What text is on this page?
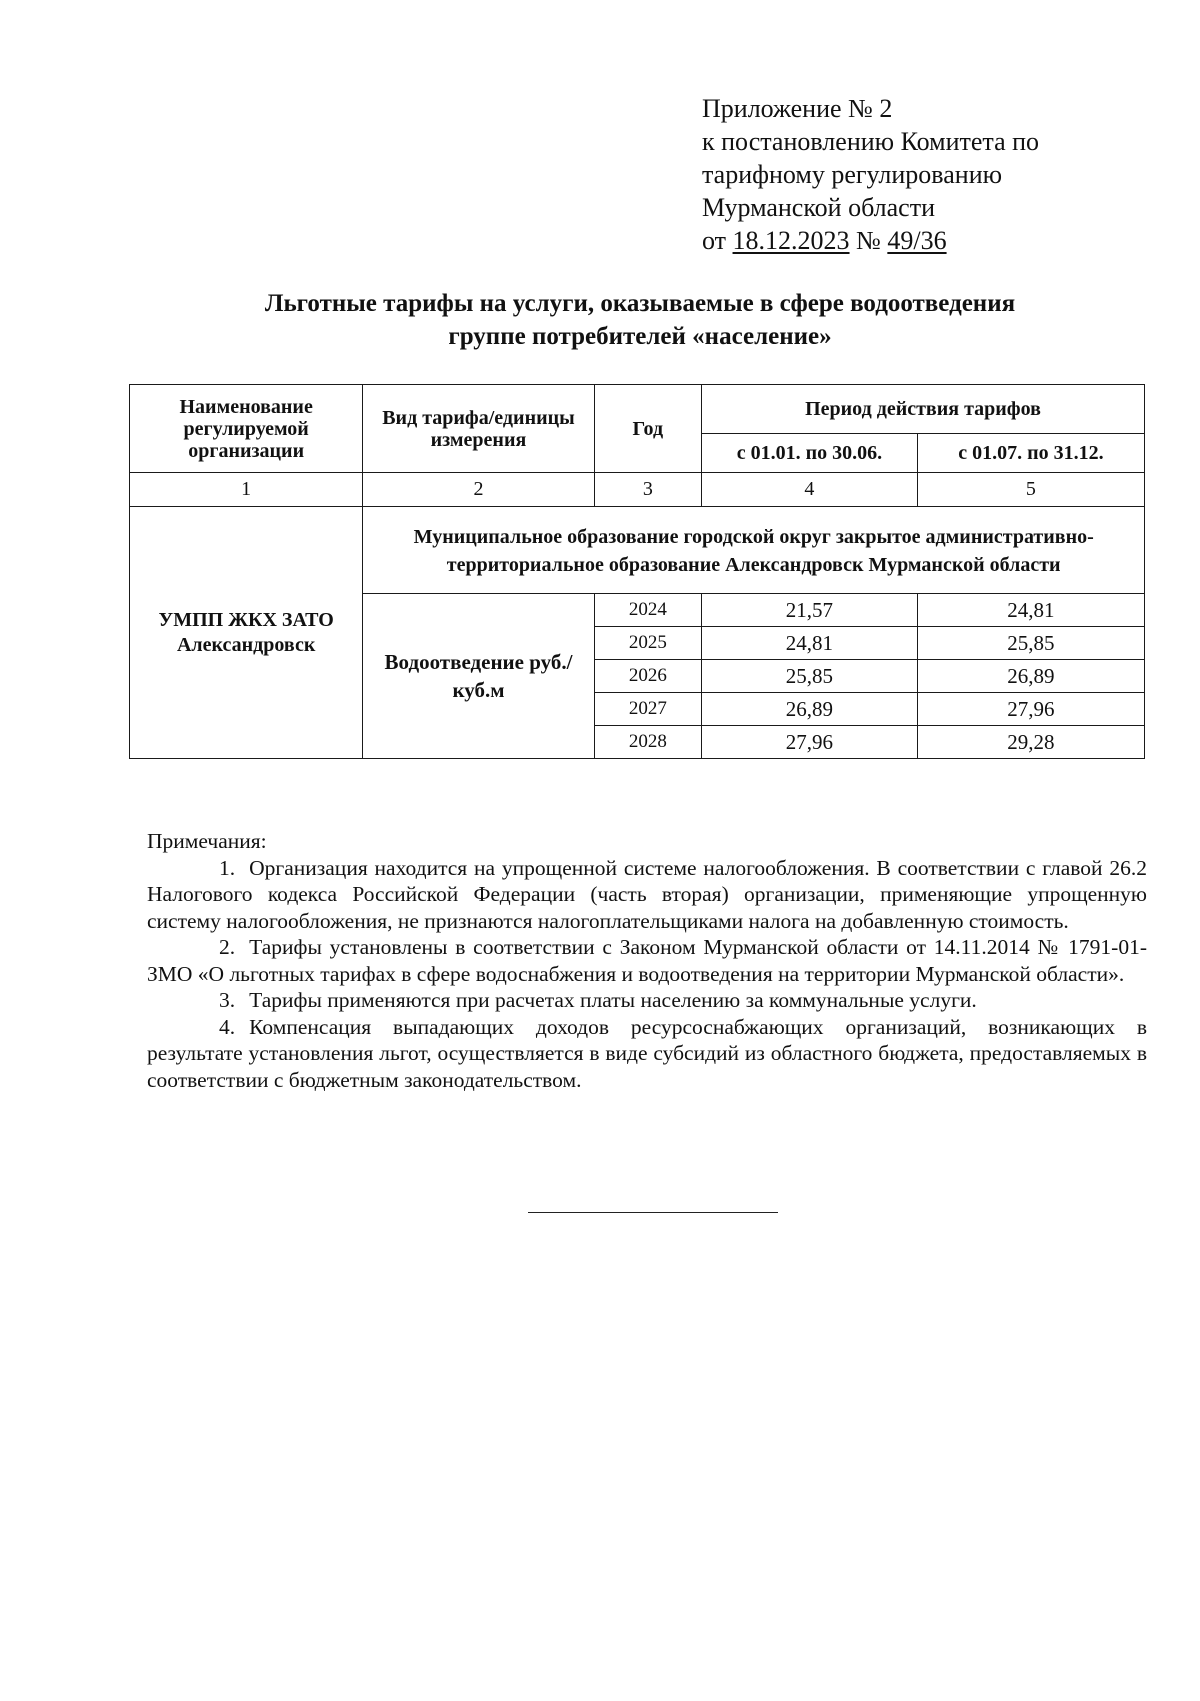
Приложение № 2
к постановлению Комитета по
тарифному регулированию
Мурманской области
от 18.12.2023 № 49/36
Льготные тарифы на услуги, оказываемые в сфере водоотведения
группе потребителей «население»
Наименование регулируемой организации	Вид тарифа/единицы измерения	Год	Период действия тарифов	
			с 01.01. по 30.06.	с 01.07. по 31.12.
1	2	3	4	5
УМПП ЖКХ ЗАТО Александровск	Муниципальное образование городской округ закрытое административно-территориальное образование Александровск Мурманской области			
	Водоотведение руб./куб.м	2024	21,57	24,81
		2025	24,81	25,85
		2026	25,85	26,89
		2027	26,89	27,96
		2028	27,96	29,28
Примечания:

1. Организация находится на упрощенной системе налогообложения. В соответствии с главой 26.2 Налогового кодекса Российской Федерации (часть вторая) организации, применяющие упрощенную систему налогообложения, не признаются налогоплательщиками налога на добавленную стоимость.

2. Тарифы установлены в соответствии с Законом Мурманской области от 14.11.2014 № 1791-01-ЗМО «О льготных тарифах в сфере водоснабжения и водоотведения на территории Мурманской области».

3. Тарифы применяются при расчетах платы населению за коммунальные услуги.

4. Компенсация выпадающих доходов ресурсоснабжающих организаций, возникающих в результате установления льгот, осуществляется в виде субсидий из областного бюджета, предоставляемых в соответствии с бюджетным законодательством.
